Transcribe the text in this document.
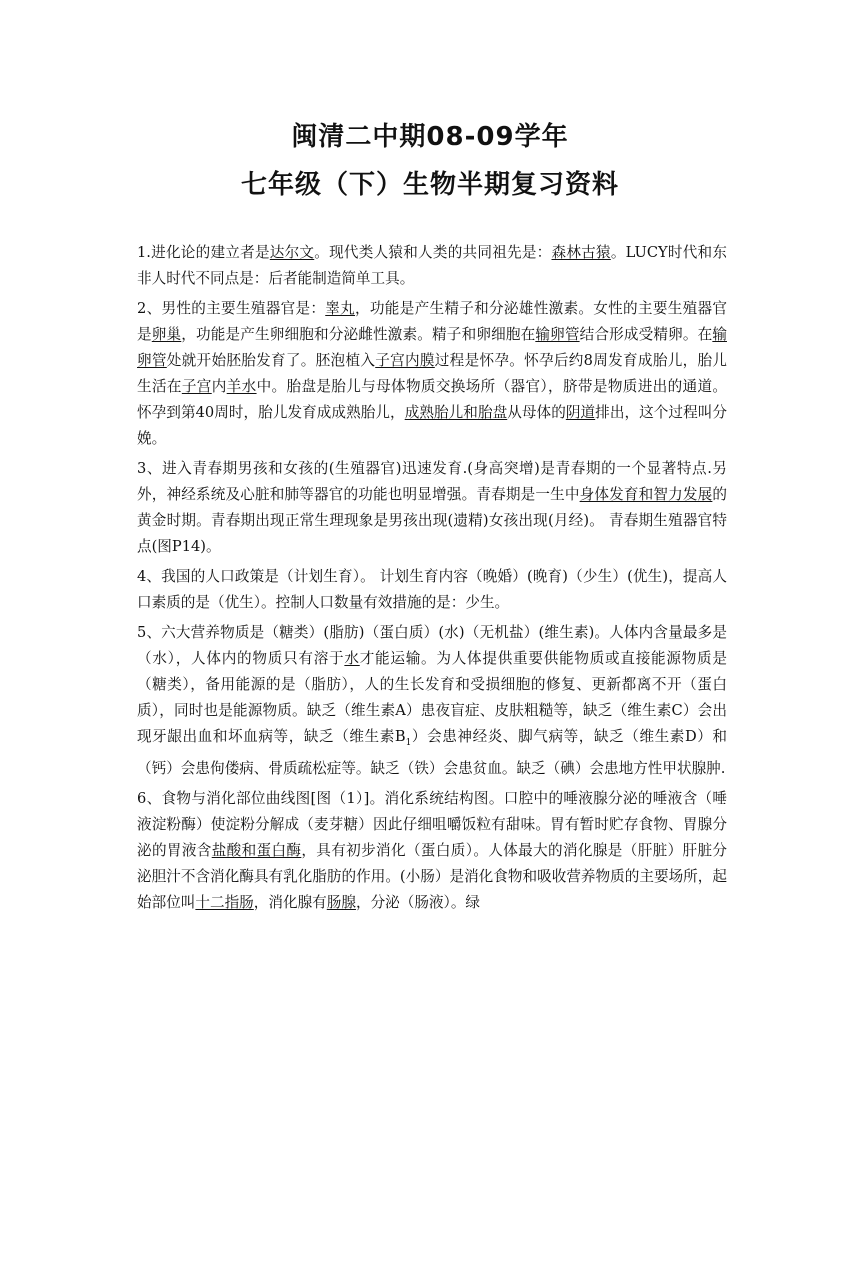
闽清二中期08-09学年
七年级（下）生物半期复习资料

1.进化论的建立者是达尔文。现代类人猿和人类的共同祖先是：森林古猿。LUCY时代和东非人时代不同点是：后者能制造简单工具。

2、男性的主要生殖器官是：睾丸，功能是产生精子和分泌雄性激素。女性的主要生殖器官是卵巢，功能是产生卵细胞和分泌雌性激素。精子和卵细胞在输卵管结合形成受精卵。在输卵管处就开始胚胎发育了。胚泡植入子宫内膜过程是怀孕。怀孕后约8周发育成胎儿，胎儿生活在子宫内羊水中。胎盘是胎儿与母体物质交换场所（器官），脐带是物质进出的通道。怀孕到第40周时，胎儿发育成成熟胎儿，成熟胎儿和胎盘从母体的阴道排出，这个过程叫分娩。

3、进入青春期男孩和女孩的(生殖器官)迅速发育.(身高突增)是青春期的一个显著特点.另外，神经系统及心脏和肺等器官的功能也明显增强。青春期是一生中身体发育和智力发展的黄金时期。青春期出现正常生理现象是男孩出现(遗精)女孩出现(月经)。 青春期生殖器官特点(图P14)。

4、我国的人口政策是（计划生育）。 计划生育内容（晚婚）(晚育)（少生）(优生)，提高人口素质的是（优生）。控制人口数量有效措施的是：少生。

5、六大营养物质是（糖类）(脂肪)（蛋白质）(水)（无机盐）(维生素)。人体内含量最多是（水），人体内的物质只有溶于水才能运输。为人体提供重要供能物质或直接能源物质是（糖类），备用能源的是（脂肪），人的生长发育和受损细胞的修复、更新都离不开（蛋白质），同时也是能源物质。缺乏（维生素A）患夜盲症、皮肤粗糙等，缺乏（维生素C）会出现牙龈出血和坏血病等，缺乏（维生素$B_1$）会患神经炎、脚气病等，缺乏（维生素D）和（钙）会患佝偻病、骨质疏松症等。缺乏（铁）会患贫血。缺乏（碘）会患地方性甲状腺肿.

6、食物与消化部位曲线图[图（1）]。消化系统结构图。口腔中的唾液腺分泌的唾液含（唾液淀粉酶）使淀粉分解成（麦芽糖）因此仔细咀嚼饭粒有甜味。胃有暂时贮存食物、胃腺分泌的胃液含盐酸和蛋白酶，具有初步消化（蛋白质）。人体最大的消化腺是（肝脏）肝脏分泌胆汁不含消化酶具有乳化脂肪的作用。(小肠）是消化食物和吸收营养物质的主要场所，起始部位叫十二指肠，消化腺有肠腺，分泌（肠液）。绿
